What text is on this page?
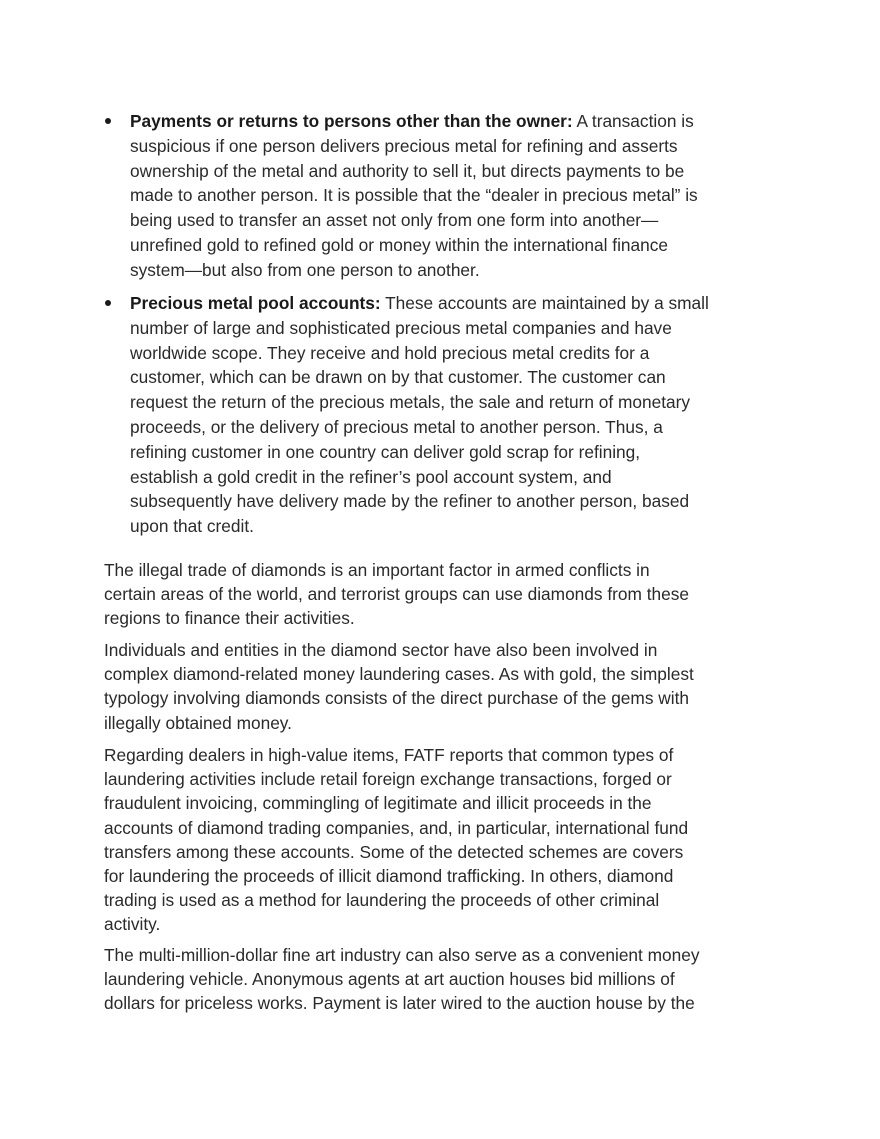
Payments or returns to persons other than the owner: A transaction is
suspicious if one person delivers precious metal for refining and asserts
ownership of the metal and authority to sell it, but directs payments to be
made to another person. It is possible that the “dealer in precious metal” is
being used to transfer an asset not only from one form into another—
unrefined gold to refined gold or money within the international finance
system—but also from one person to another.
Precious metal pool accounts: These accounts are maintained by a small
number of large and sophisticated precious metal companies and have
worldwide scope. They receive and hold precious metal credits for a
customer, which can be drawn on by that customer. The customer can
request the return of the precious metals, the sale and return of monetary
proceeds, or the delivery of precious metal to another person. Thus, a
refining customer in one country can deliver gold scrap for refining,
establish a gold credit in the refiner’s pool account system, and
subsequently have delivery made by the refiner to another person, based
upon that credit.
The illegal trade of diamonds is an important factor in armed conflicts in
certain areas of the world, and terrorist groups can use diamonds from these
regions to finance their activities.
Individuals and entities in the diamond sector have also been involved in
complex diamond-related money laundering cases. As with gold, the simplest
typology involving diamonds consists of the direct purchase of the gems with
illegally obtained money.
Regarding dealers in high-value items, FATF reports that common types of
laundering activities include retail foreign exchange transactions, forged or
fraudulent invoicing, commingling of legitimate and illicit proceeds in the
accounts of diamond trading companies, and, in particular, international fund
transfers among these accounts. Some of the detected schemes are covers
for laundering the proceeds of illicit diamond trafficking. In others, diamond
trading is used as a method for laundering the proceeds of other criminal
activity.
The multi-million-dollar fine art industry can also serve as a convenient money
laundering vehicle. Anonymous agents at art auction houses bid millions of
dollars for priceless works. Payment is later wired to the auction house by the
